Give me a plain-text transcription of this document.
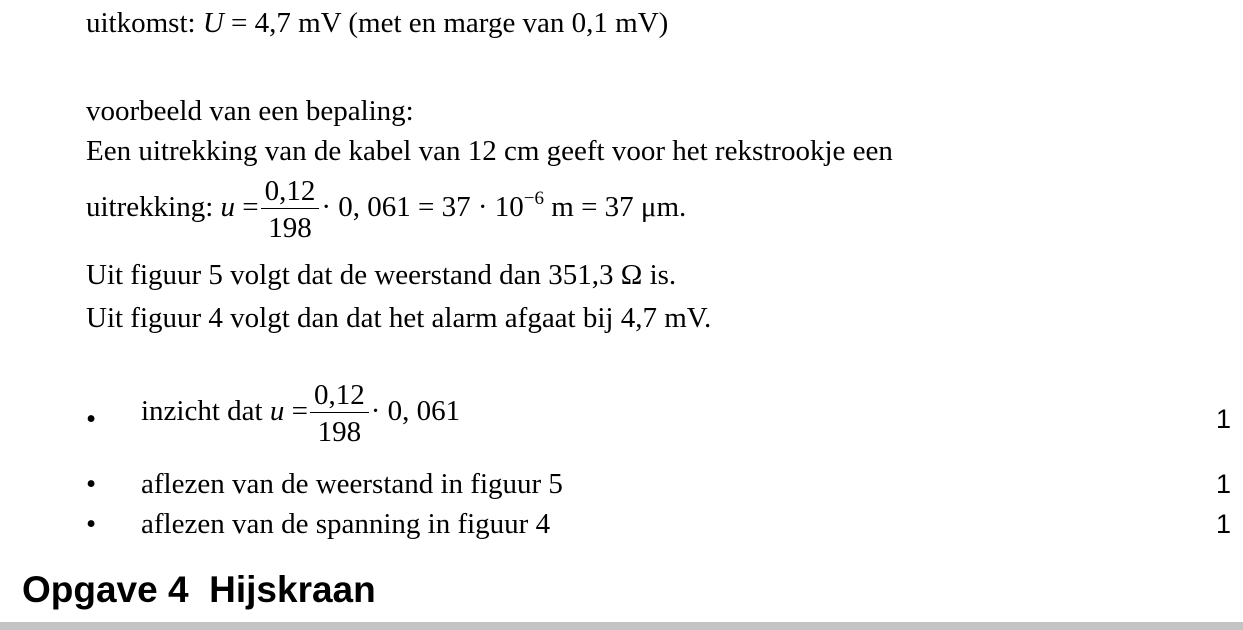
uitkomst: U = 4,7 mV (met en marge van 0,1 mV)
voorbeeld van een bepaling:
Een uitrekking van de kabel van 12 cm geeft voor het rekstrookje een
uitrekking: $u = \frac{0,12}{198} \cdot 0$, $061 = 37 \cdot 10^{-6}$ m = 37 μm.
Uit figuur 5 volgt dat de weerstand dan 351,3 Ω is.
Uit figuur 4 volgt dan dat het alarm afgaat bij 4,7 mV.
• inzicht dat $u = \frac{0,12}{198} \cdot 0$, 061	1
• aflezen van de weerstand in figuur 5	1
• aflezen van de spanning in figuur 4	1
Opgave 4 Hijskraan
